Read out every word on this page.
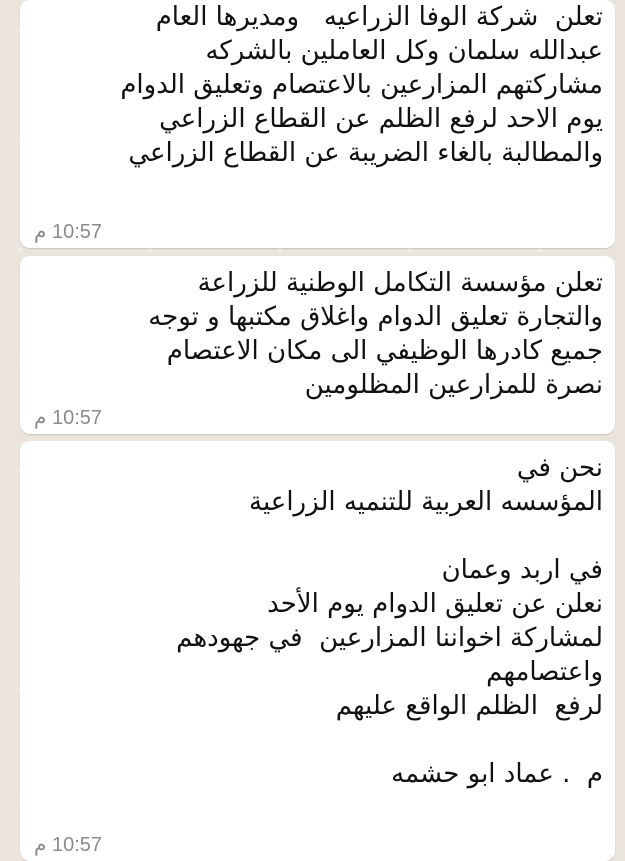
تعلن  شركة الوفا الزراعيه   ومديرها العام
عبدالله سلمان وكل العاملين بالشركه
مشاركتهم المزارعين بالاعتصام وتعليق الدوام
يوم الاحد لرفع الظلم عن القطاع الزراعي
والمطالبة بالغاء الضريبة عن القطاع الزراعي
10:57 م
تعلن مؤسسة التكامل الوطنية للزراعة
والتجارة تعليق الدوام واغلاق مكتبها و توجه
جميع كادرها الوظيفي الى مكان الاعتصام
نصرة للمزارعين المظلومين
10:57 م
نحن في
المؤسسه العربية للتنميه الزراعية
في اربد وعمان
نعلن عن تعليق الدوام يوم الأحد
لمشاركة اخواننا المزارعين  في جهودهم
واعتصامهم
لرفع  الظلم الواقع عليهم
م  . عماد ابو حشمه
10:57 م
